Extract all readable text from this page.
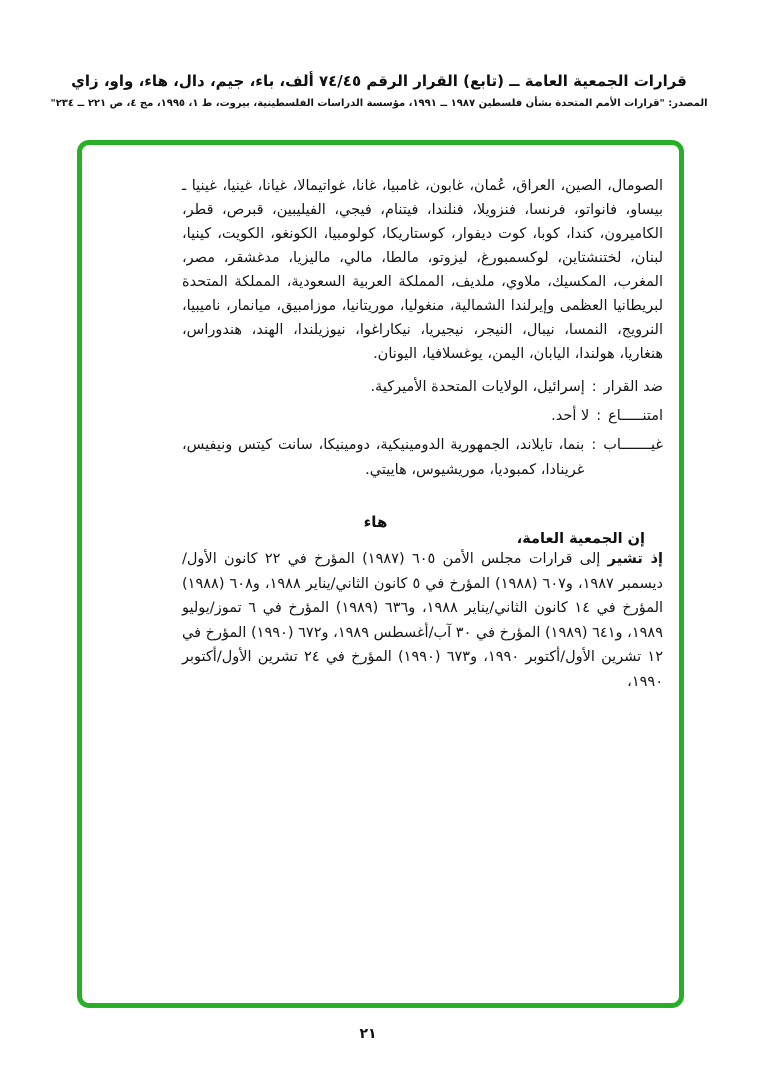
قرارات الجمعية العامة ــ (تابع) القرار الرقم ٧٤/٤٥ ألف، باء، جيم، دال، هاء، واو، زاي
المصدر: "قرارات الأمم المتحدة بشأن فلسطين ١٩٨٧ ــ ١٩٩١، مؤسسة الدراسات الفلسطينية، بيروت، ط ١، ١٩٩٥، مج ٤، ص ٢٢١ ــ ٢٣٤"

الصومال، الصين، العراق، عُمان، غابون، غامبيا، غانا، غواتيمالا، غيانا، غينيا، غينيا ـ بيساو، فانواتو، فرنسا، فنزويلا، فنلندا، فيتنام، فيجي، الفيليبين، قبرص، قطر، الكاميرون، كندا، كوبا، كوت ديفوار، كوستاريكا، كولومبيا، الكونغو، الكويت، كينيا، لبنان، لختنشتاين، لوكسمبورغ، ليزوتو، مالطا، مالي، ماليزيا، مدغشقر، مصر، المغرب، المكسيك، ملاوي، ملديف، المملكة العربية السعودية، المملكة المتحدة لبريطانيا العظمى وإيرلندا الشمالية، منغوليا، موريتانيا، موزامبيق، ميانمار، ناميبيا، النرويج، النمسا، نيبال، النيجر، نيجيريا، نيكاراغوا، نيوزيلندا، الهند، هندوراس، هنغاريا، هولندا، اليابان، اليمن، يوغسلافيا، اليونان.

ضد القرار
:
إسرائيل، الولايات المتحدة الأميركية.
امتنـــــاع
:
لا أحد.
غيـــــــاب
:
بنما، تايلاند، الجمهورية الدومينيكية، دومينيكا، سانت كيتس ونيفيس، غرينادا، كمبوديا، موريشيوس، هاييتي.
هاء

إن الجمعية العامة،

إذ تشير إلى قرارات مجلس الأمن ٦٠٥ (١٩٨٧) المؤرخ في ٢٢ كانون الأول/ديسمبر ١٩٨٧، و٦٠٧ (١٩٨٨) المؤرخ في ٥ كانون الثاني/يناير ١٩٨٨، و٦٠٨ (١٩٨٨) المؤرخ في ١٤ كانون الثاني/يناير ١٩٨٨، و٦٣٦ (١٩٨٩) المؤرخ في ٦ تموز/يوليو ١٩٨٩، و٦٤١ (١٩٨٩) المؤرخ في ٣٠ آب/أغسطس ١٩٨٩، و٦٧٢ (١٩٩٠) المؤرخ في ١٢ تشرين الأول/أكتوبر ١٩٩٠، و٦٧٣ (١٩٩٠) المؤرخ في ٢٤ تشرين الأول/أكتوبر ١٩٩٠،

٢١
